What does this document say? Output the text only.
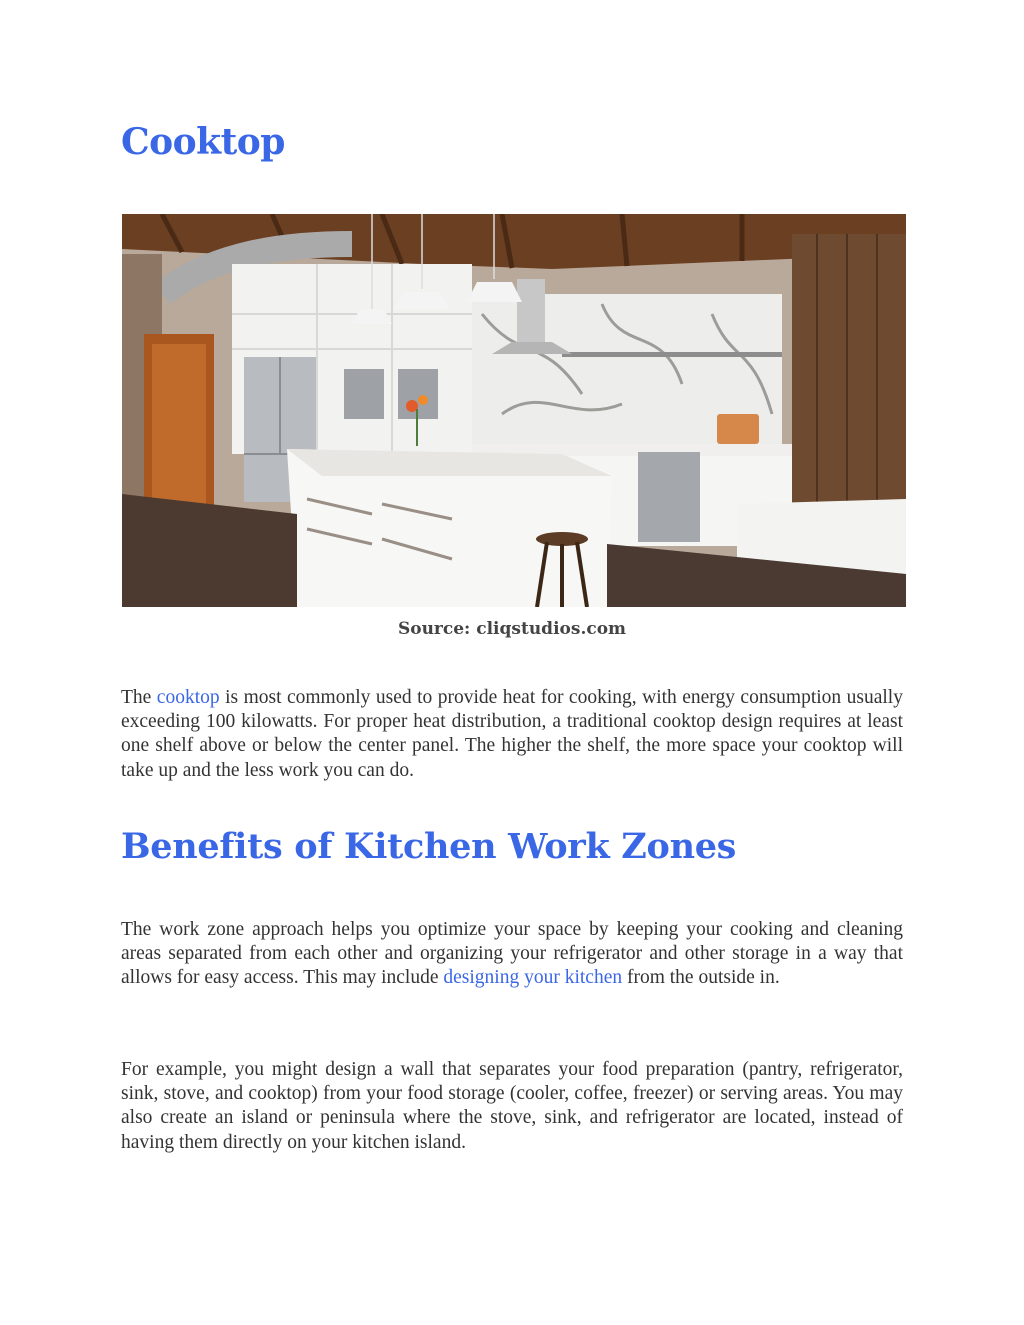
Cooktop
Source: cliqstudios.com

The cooktop is most commonly used to provide heat for cooking, with energy consumption usually exceeding 100 kilowatts. For proper heat distribution, a traditional cooktop design requires at least one shelf above or below the center panel. The higher the shelf, the more space your cooktop will take up and the less work you can do.

Benefits of Kitchen Work Zones

The work zone approach helps you optimize your space by keeping your cooking and cleaning areas separated from each other and organizing your refrigerator and other storage in a way that allows for easy access. This may include designing your kitchen from the outside in.

For example, you might design a wall that separates your food preparation (pantry, refrigerator, sink, stove, and cooktop) from your food storage (cooler, coffee, freezer) or serving areas. You may also create an island or peninsula where the stove, sink, and refrigerator are located, instead of having them directly on your kitchen island.
